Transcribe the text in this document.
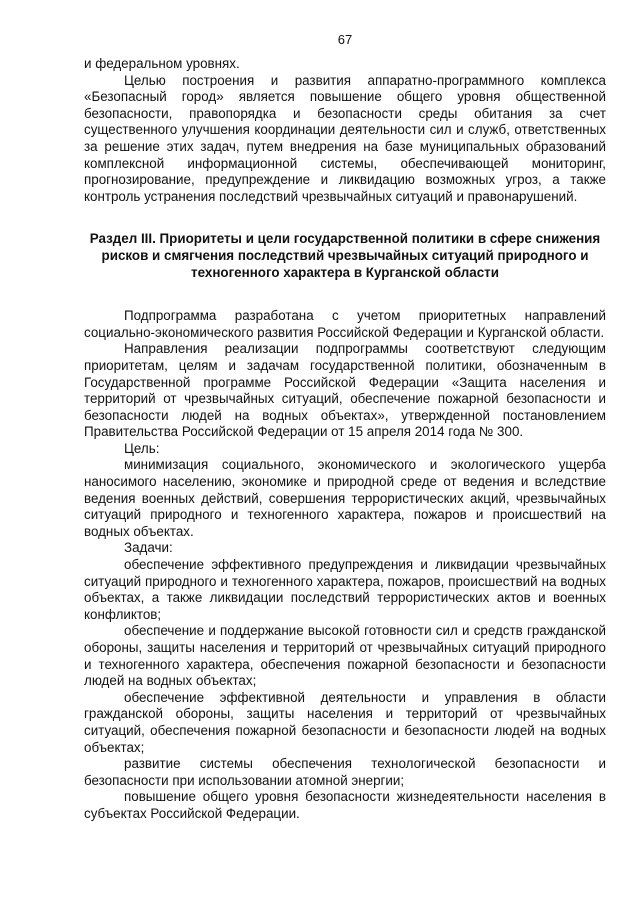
67

и федеральном уровнях.

Целью построения и развития аппаратно-программного комплекса «Безопасный город» является повышение общего уровня общественной безопасности, правопорядка и безопасности среды обитания за счет существенного улучшения координации деятельности сил и служб, ответственных за решение этих задач, путем внедрения на базе муниципальных образований комплексной информационной системы, обеспечивающей мониторинг, прогнозирование, предупреждение и ликвидацию возможных угроз, а также контроль устранения последствий чрезвычайных ситуаций и правонарушений.

Раздел III. Приоритеты и цели государственной политики в сфере снижения рисков и смягчения последствий чрезвычайных ситуаций природного и техногенного характера в Курганской области

Подпрограмма разработана с учетом приоритетных направлений социально-экономического развития Российской Федерации и Курганской области.

Направления реализации подпрограммы соответствуют следующим приоритетам, целям и задачам государственной политики, обозначенным в Государственной программе Российской Федерации «Защита населения и территорий от чрезвычайных ситуаций, обеспечение пожарной безопасности и безопасности людей на водных объектах», утвержденной постановлением Правительства Российской Федерации от 15 апреля 2014 года № 300.

Цель:

минимизация социального, экономического и экологического ущерба наносимого населению, экономике и природной среде от ведения и вследствие ведения военных действий, совершения террористических акций, чрезвычайных ситуаций природного и техногенного характера, пожаров и происшествий на водных объектах.

Задачи:

обеспечение эффективного предупреждения и ликвидации чрезвычайных ситуаций природного и техногенного характера, пожаров, происшествий на водных объектах, а также ликвидации последствий террористических актов и военных конфликтов;

обеспечение и поддержание высокой готовности сил и средств гражданской обороны, защиты населения и территорий от чрезвычайных ситуаций природного и техногенного характера, обеспечения пожарной безопасности и безопасности людей на водных объектах;

обеспечение эффективной деятельности и управления в области гражданской обороны, защиты населения и территорий от чрезвычайных ситуаций, обеспечения пожарной безопасности и безопасности людей на водных объектах;

развитие системы обеспечения технологической безопасности и безопасности при использовании атомной энергии;

повышение общего уровня безопасности жизнедеятельности населения в субъектах Российской Федерации.
